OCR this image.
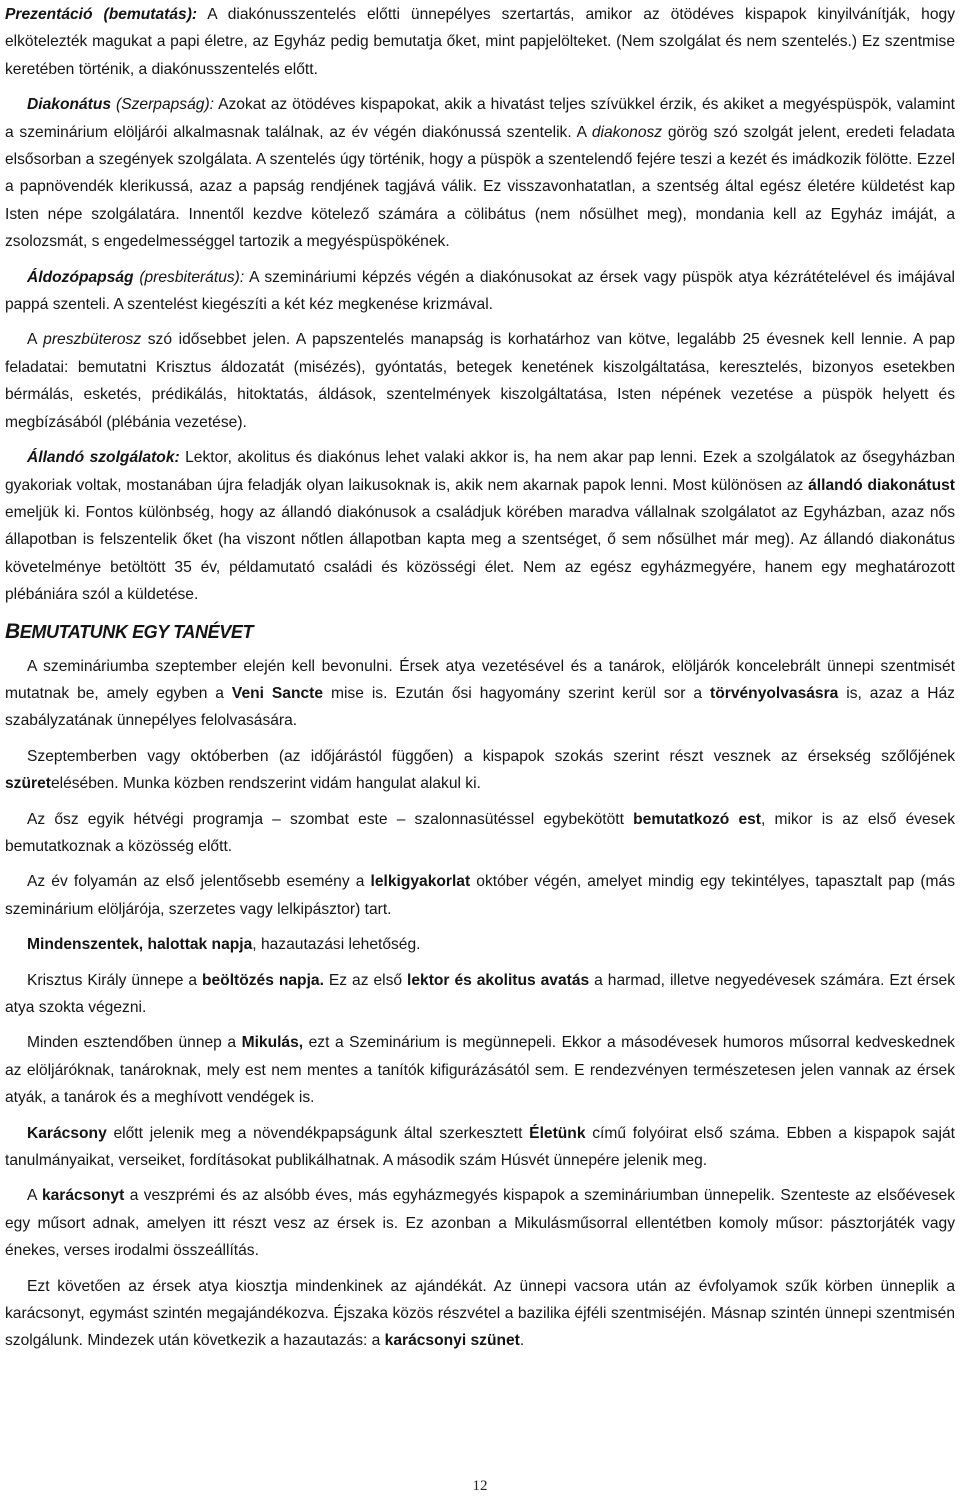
Prezentáció (bemutatás): A diakónusszentelés előtti ünnepélyes szertartás, amikor az ötödéves kispapok kinyilvánítják, hogy elkötelezték magukat a papi életre, az Egyház pedig bemutatja őket, mint papjelölteket. (Nem szolgálat és nem szentelés.) Ez szentmise keretében történik, a diakónusszentelés előtt.

Diakonátus (Szerpapság): Azokat az ötödéves kispapokat, akik a hivatást teljes szívükkel érzik, és akiket a megyéspüspök, valamint a szeminárium elöljárói alkalmasnak találnak, az év végén diakónussá szentelik. A diakonosz görög szó szolgát jelent, eredeti feladata elsősorban a szegények szolgálata. A szentelés úgy történik, hogy a püspök a szentelendő fejére teszi a kezét és imádkozik fölötte. Ezzel a papnövendék klerikussá, azaz a papság rendjének tagjává válik. Ez visszavonhatatlan, a szentség által egész életére küldetést kap Isten népe szolgálatára. Innentől kezdve kötelező számára a cölibátus (nem nősülhet meg), mondania kell az Egyház imáját, a zsolozsmát, s engedelmességgel tartozik a megyéspüspökének.

Áldozópapság (presbiterátus): A szemináriumi képzés végén a diakónusokat az érsek vagy püspök atya kézrátételével és imájával pappá szenteli. A szentelést kiegészíti a két kéz megkenése krizmával.

A preszbüterosz szó idősebbet jelen. A papszentelés manapság is korhatárhoz van kötve, legalább 25 évesnek kell lennie. A pap feladatai: bemutatni Krisztus áldozatát (misézés), gyóntatás, betegek kenetének kiszolgáltatása, keresztelés, bizonyos esetekben bérmálás, esketés, prédikálás, hitoktatás, áldások, szentelmények kiszolgáltatása, Isten népének vezetése a püspök helyett és megbízásából (plébánia vezetése).

Állandó szolgálatok: Lektor, akolitus és diakónus lehet valaki akkor is, ha nem akar pap lenni. Ezek a szolgálatok az ősegyházban gyakoriak voltak, mostanában újra feladják olyan laikusoknak is, akik nem akarnak papok lenni. Most különösen az állandó diakonátust emeljük ki. Fontos különbség, hogy az állandó diakónusok a családjuk körében maradva vállalnak szolgálatot az Egyházban, azaz nős állapotban is felszentelik őket (ha viszont nőtlen állapotban kapta meg a szentséget, ő sem nősülhet már meg). Az állandó diakonátus követelménye betöltött 35 év, példamutató családi és közösségi élet. Nem az egész egyházmegyére, hanem egy meghatározott plébániára szól a küldetése.

BEMUTATUNK EGY TANÉVET

A szemináriumba szeptember elején kell bevonulni. Érsek atya vezetésével és a tanárok, elöljárók koncelebrált ünnepi szentmisét mutatnak be, amely egyben a Veni Sancte mise is. Ezután ősi hagyomány szerint kerül sor a törvényolvasásra is, azaz a Ház szabályzatának ünnepélyes felolvasására.

Szeptemberben vagy októberben (az időjárástól függően) a kispapok szokás szerint részt vesznek az érsekség szőlőjének szüretelésében. Munka közben rendszerint vidám hangulat alakul ki.

Az ősz egyik hétvégi programja – szombat este – szalonnasütéssel egybekötött bemutatkozó est, mikor is az első évesek bemutatkoznak a közösség előtt.

Az év folyamán az első jelentősebb esemény a lelkigyakorlat október végén, amelyet mindig egy tekintélyes, tapasztalt pap (más szeminárium elöljárója, szerzetes vagy lelkipásztor) tart.

Mindenszentek, halottak napja, hazautazási lehetőség.

Krisztus Király ünnepe a beöltözés napja. Ez az első lektor és akolitus avatás a harmad, illetve negyedévesek számára. Ezt érsek atya szokta végezni.

Minden esztendőben ünnep a Mikulás, ezt a Szeminárium is megünnepeli. Ekkor a másodévesek humoros műsorral kedveskednek az elöljáróknak, tanároknak, mely est nem mentes a tanítók kifigurázásától sem. E rendezvényen természetesen jelen vannak az érsek atyák, a tanárok és a meghívott vendégek is.

Karácsony előtt jelenik meg a növendékpapságunk által szerkesztett Életünk című folyóirat első száma. Ebben a kispapok saját tanulmányaikat, verseiket, fordításokat publikálhatnak. A második szám Húsvét ünnepére jelenik meg.

A karácsonyt a veszprémi és az alsóbb éves, más egyházmegyés kispapok a szemináriumban ünnepelik. Szenteste az elsőévesek egy műsort adnak, amelyen itt részt vesz az érsek is. Ez azonban a Mikulásműsorral ellentétben komoly műsor: pásztorjáték vagy énekes, verses irodalmi összeállítás.

Ezt követően az érsek atya kiosztja mindenkinek az ajándékát. Az ünnepi vacsora után az évfolyamok szűk körben ünneplik a karácsonyt, egymást szintén megajándékozva. Éjszaka közös részvétel a bazilika éjféli szentmiséjén. Másnap szintén ünnepi szentmisén szolgálunk. Mindezek után következik a hazautazás: a karácsonyi szünet.

12
